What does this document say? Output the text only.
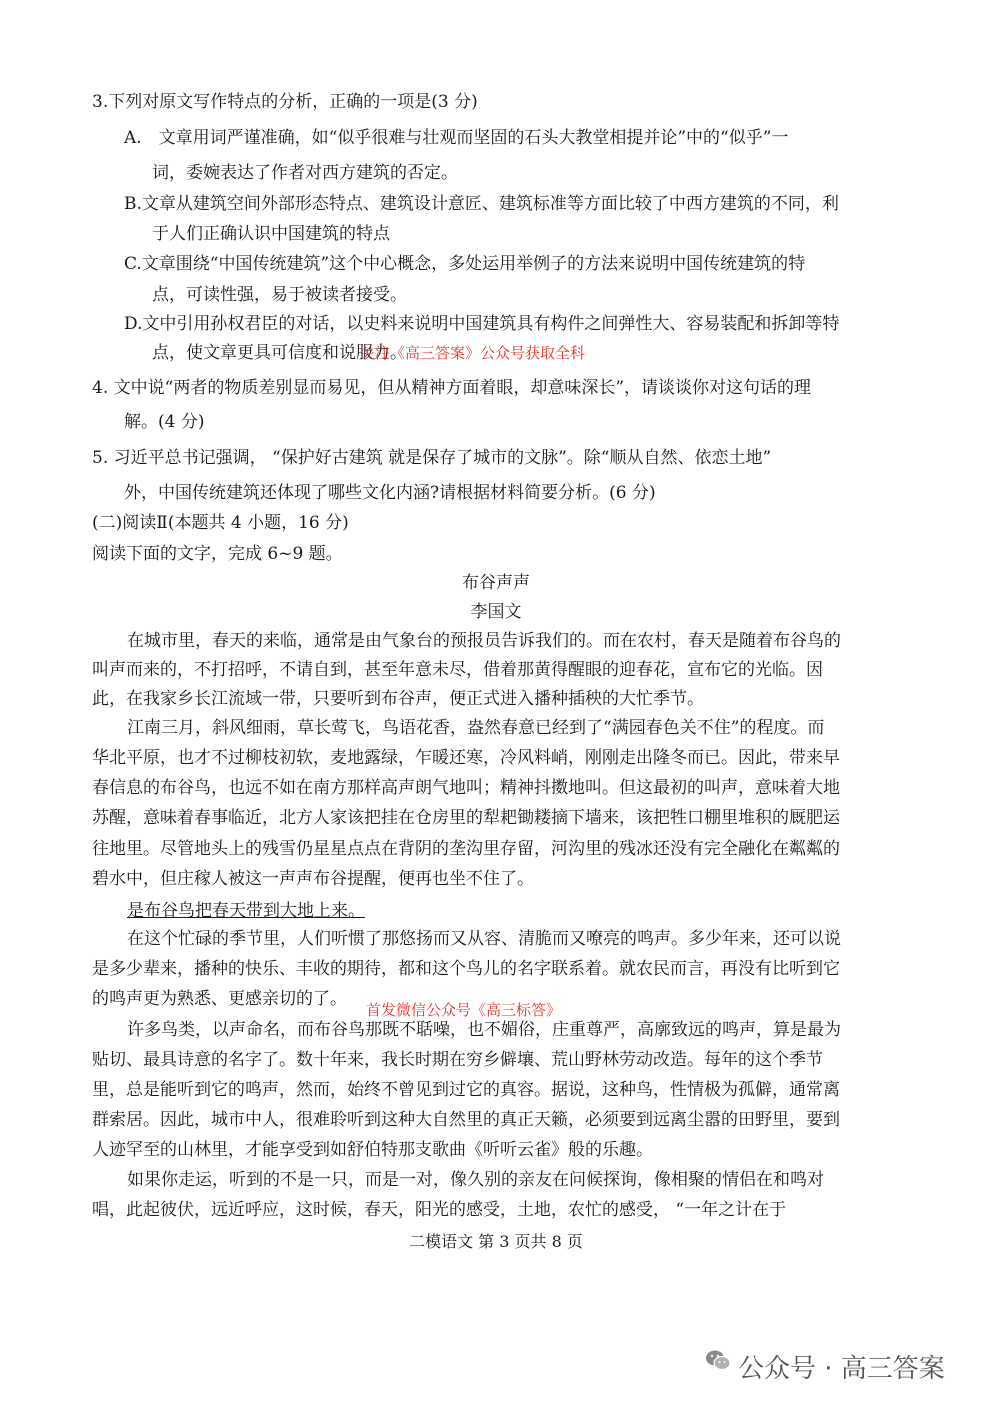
3.下列对原文写作特点的分析，正确的一项是(3 分)
A.　文章用词严谨准确，如“似乎很难与壮观而坚固的石头大教堂相提并论”中的“似乎”一
词，委婉表达了作者对西方建筑的否定。
B.文章从建筑空间外部形态特点、建筑设计意匠、建筑标准等方面比较了中西方建筑的不同，利
于人们正确认识中国建筑的特点
C.文章围绕“中国传统建筑”这个中心概念，多处运用举例子的方法来说明中国传统建筑的特
点，可读性强，易于被读者接受。
D.文中引用孙权君臣的对话，以史料来说明中国建筑具有构件之间弹性大、容易装配和拆卸等特
点，使文章更具可信度和说服力。
关注《高三答案》公众号获取全科
4. 文中说“两者的物质差别显而易见，但从精神方面着眼，却意味深长”，请谈谈你对这句话的理
解。(4 分)
5. 习近平总书记强调， “保护好古建筑 就是保存了城市的文脉”。除“顺从自然、依恋土地”
外，中国传统建筑还体现了哪些文化内涵?请根据材料简要分析。(6 分)
(二)阅读Ⅱ(本题共 4 小题，16 分)
阅读下面的文字，完成 6~9 题。
布谷声声
李国文
在城市里，春天的来临，通常是由气象台的预报员告诉我们的。而在农村，春天是随着布谷鸟的
叫声而来的，不打招呼，不请自到，甚至年意未尽，借着那黄得醒眼的迎春花，宣布它的光临。因
此，在我家乡长江流域一带，只要听到布谷声，便正式进入播种插秧的大忙季节。
江南三月，斜风细雨，草长莺飞，鸟语花香，盎然春意已经到了“满园春色关不住”的程度。而
华北平原，也才不过柳枝初软，麦地露绿，乍暖还寒，冷风料峭，刚刚走出隆冬而已。因此，带来早
春信息的布谷鸟，也远不如在南方那样高声朗气地叫；精神抖擞地叫。但这最初的叫声，意味着大地
苏醒，意味着春事临近，北方人家该把挂在仓房里的犁耙锄耧摘下墙来，该把牲口棚里堆积的厩肥运
往地里。尽管地头上的残雪仍星星点点在背阴的垄沟里存留，河沟里的残冰还没有完全融化在粼粼的
碧水中，但庄稼人被这一声声布谷提醒，便再也坐不住了。
是布谷鸟把春天带到大地上来。
在这个忙碌的季节里，人们听惯了那悠扬而又从容、清脆而又嘹亮的鸣声。多少年来，还可以说
是多少辈来，播种的快乐、丰收的期待，都和这个鸟儿的名字联系着。就农民而言，再没有比听到它
的鸣声更为熟悉、更感亲切的了。
首发微信公众号《高三标答》
许多鸟类，以声命名，而布谷鸟那既不聒噪，也不媚俗，庄重尊严，高廓致远的鸣声，算是最为
贴切、最具诗意的名字了。数十年来，我长时期在穷乡僻壤、荒山野林劳动改造。每年的这个季节
里，总是能听到它的鸣声，然而，始终不曾见到过它的真容。据说，这种鸟，性情极为孤僻，通常离
群索居。因此，城市中人，很难聆听到这种大自然里的真正天籁，必须要到远离尘嚣的田野里，要到
人迹罕至的山林里，才能享受到如舒伯特那支歌曲《听听云雀》般的乐趣。
如果你走运，听到的不是一只，而是一对，像久别的亲友在问候探询，像相聚的情侣在和鸣对
唱，此起彼伏，远近呼应，这时候，春天，阳光的感受，土地，农忙的感受， “一年之计在于
二模语文 第 3 页共 8 页
公众号 · 高三答案
